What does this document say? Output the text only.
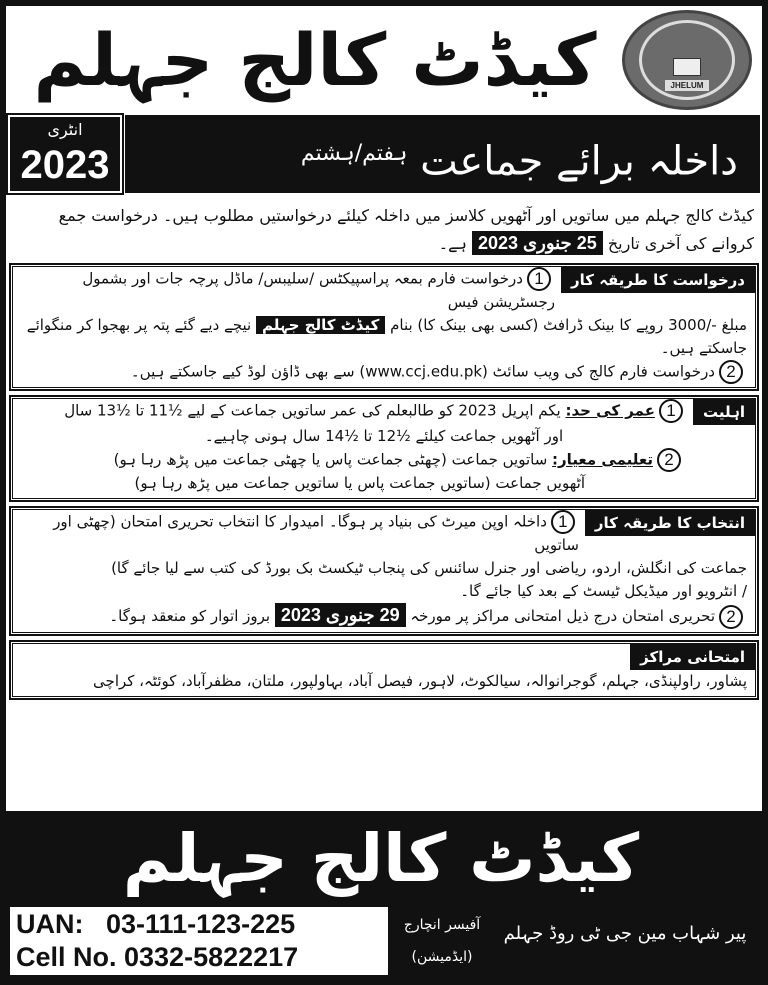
کیڈٹ کالج جہلم	JHELUM
انٹری
2023	داخلہ برائے جماعت $^{ہفتم/ہشتم}$
کیڈٹ کالج جہلم میں ساتویں اور آٹھویں کلاسز میں داخلہ کیلئے درخواستیں مطلوب ہیں۔ درخواست جمع کروانے کی آخری تاریخ 25 جنوری 2023 ہے۔
درخواست کا طریقہ کار
1درخواست فارم بمعہ پراسپیکٹس /سلیبس/ ماڈل پرچہ جات اور بشمول رجسٹریشن فیس
مبلغ -/3000 روپے کا بینک ڈرافٹ (کسی بھی بینک کا) بنام کیڈٹ کالج جہلم نیچے دیے گئے پتہ پر بھجوا کر منگوائے جاسکتے ہیں۔
2درخواست فارم کالج کی ویب سائٹ (www.ccj.edu.pk) سے بھی ڈاؤن لوڈ کیے جاسکتے ہیں۔
اہلیت
1عمر کی حد: یکم اپریل 2023 کو طالبعلم کی عمر ساتویں جماعت کے لیے ½11 تا ½13 سال
اور آٹھویں جماعت کیلئے ½12 تا ½14 سال ہونی چاہیے۔
2تعلیمی معیار: ساتویں جماعت (چھٹی جماعت پاس یا چھٹی جماعت میں پڑھ رہا ہو)
آٹھویں جماعت (ساتویں جماعت پاس یا ساتویں جماعت میں پڑھ رہا ہو)
انتخاب کا طریقہ کار
1داخلہ اوپن میرٹ کی بنیاد پر ہوگا۔ امیدوار کا انتخاب تحریری امتحان (چھٹی اور ساتویں
جماعت کی انگلش، اردو، ریاضی اور جنرل سائنس کی پنجاب ٹیکسٹ بک بورڈ کی کتب سے لیا جائے گا)
/ انٹرویو اور میڈیکل ٹیسٹ کے بعد کیا جائے گا۔
2تحریری امتحان درج ذیل امتحانی مراکز پر مورخہ 29 جنوری 2023 بروز اتوار کو منعقد ہوگا۔
امتحانی مراکز
پشاور، راولپنڈی، جہلم، گوجرانوالہ، سیالکوٹ، لاہور، فیصل آباد، بہاولپور، ملتان، مظفرآباد، کوئٹہ، کراچی
کیڈٹ کالج جہلم
UAN:   03-111-123-225
Cell No. 0332-5822217
آفیسر انچارج
(ایڈمیشن)
پیر شہاب مین جی ٹی روڈ جہلم
